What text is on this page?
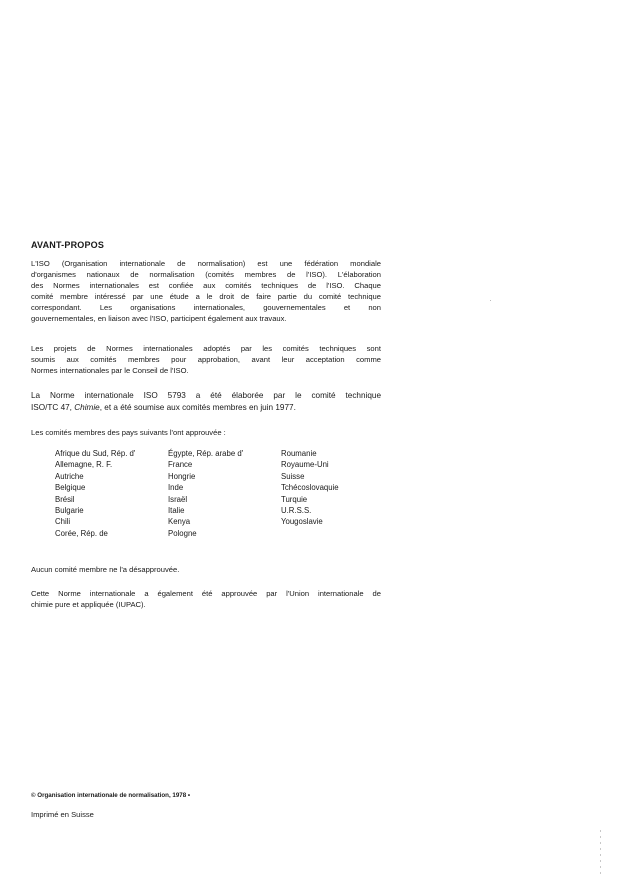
AVANT-PROPOS

L'ISO (Organisation internationale de normalisation) est une fédération mondiale
d'organismes nationaux de normalisation (comités membres de l'ISO). L'élaboration
des Normes internationales est confiée aux comités techniques de l'ISO. Chaque
comité membre intéressé par une étude a le droit de faire partie du comité technique
correspondant. Les organisations internationales, gouvernementales et non
gouvernementales, en liaison avec l'ISO, participent également aux travaux.

Les projets de Normes internationales adoptés par les comités techniques sont
soumis aux comités membres pour approbation, avant leur acceptation comme
Normes internationales par le Conseil de l'ISO.

La Norme internationale ISO 5793 a été élaborée par le comité technique
ISO/TC 47, Chimie, et a été soumise aux comités membres en juin 1977.

Les comités membres des pays suivants l'ont approuvée :

Afrique du Sud, Rép. d'
Allemagne, R. F.
Autriche
Belgique
Brésil
Bulgarie
Chili
Corée, Rép. de
Égypte, Rép. arabe d'
France
Hongrie
Inde
Israël
Italie
Kenya
Pologne
Roumanie
Royaume-Uni
Suisse
Tchécoslovaquie
Turquie
U.R.S.S.
Yougoslavie

Aucun comité membre ne l'a désapprouvée.

Cette Norme internationale a également été approuvée par l'Union internationale de
chimie pure et appliquée (IUPAC).

© Organisation internationale de normalisation, 1978 •
Imprimé en Suisse
